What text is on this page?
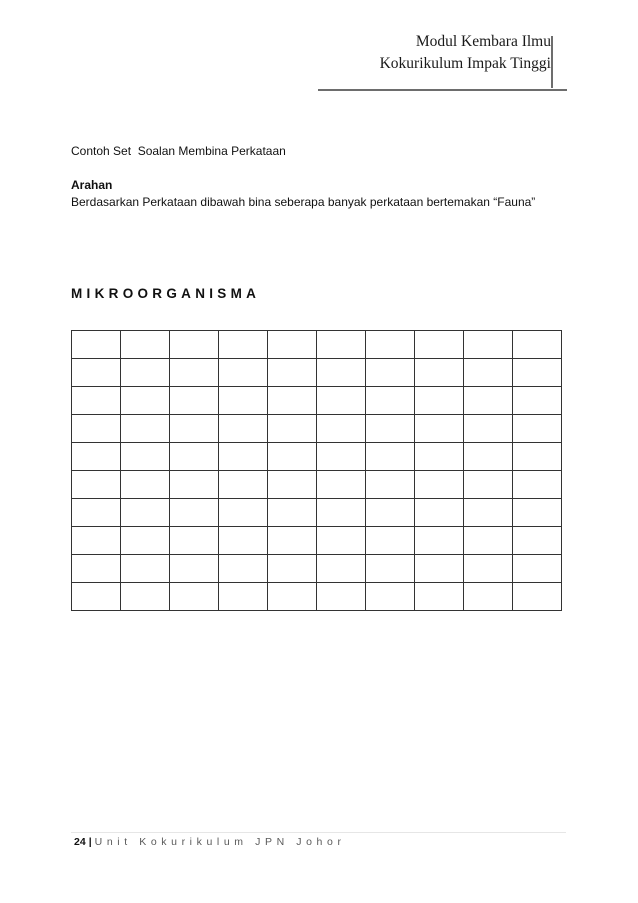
Modul Kembara Ilmu
Kokurikulum Impak Tinggi
Contoh Set  Soalan Membina Perkataan
Arahan
Berdasarkan Perkataan dibawah bina seberapa banyak perkataan bertemakan “Fauna”
MIKROORGANISMA

24 | Unit Kokurikulum JPN Johor
